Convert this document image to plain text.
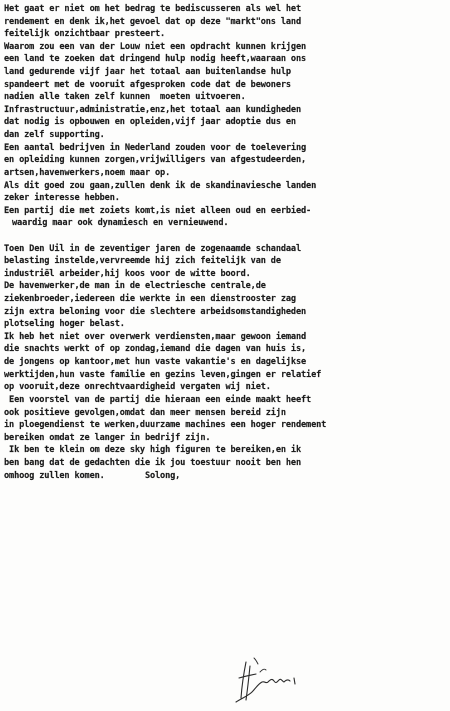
Het gaat er niet om het bedrag te bediscusseren als wel het
rendement en denk ik,het gevoel dat op deze "markt"ons land
feitelijk onzichtbaar presteert.
Waarom zou een van der Louw niet een opdracht kunnen krijgen
een land te zoeken dat dringend hulp nodig heeft,waaraan ons
land gedurende vijf jaar het totaal aan buitenlandse hulp
spandeert met de vooruit afgesproken code dat de bewoners
nadien alle taken zelf kunnen  moeten uitvoeren.
Infrastructuur,administratie,enz,het totaal aan kundigheden
dat nodig is opbouwen en opleiden,vijf jaar adoptie dus en
dan zelf supporting.
Een aantal bedrijven in Nederland zouden voor de toelevering
en opleiding kunnen zorgen,vrijwilligers van afgestudeerden,
artsen,havenwerkers,noem maar op.
Als dit goed zou gaan,zullen denk ik de skandinaviesche landen
zeker interesse hebben.
Een partij die met zoiets komt,is niet alleen oud en eerbied-
waardig maar ook dynamiesch en vernieuwend.
Toen Den Uil in de zeventiger jaren de zogenaamde schandaal
belasting instelde,vervreemde hij zich feitelijk van de
industriël arbeider,hij koos voor de witte boord.
De havenwerker,de man in de electriesche centrale,de
ziekenbroeder,iedereen die werkte in een dienstrooster zag
zijn extra beloning voor die slechtere arbeidsomstandigheden
plotseling hoger belast.
Ik heb het niet over overwerk verdiensten,maar gewoon iemand
die snachts werkt of op zondag,iemand die dagen van huis is,
de jongens op kantoor,met hun vaste vakantie's en dagelijkse
werktijden,hun vaste familie en gezins leven,gingen er relatief
op vooruit,deze onrechtvaardigheid vergaten wij niet.
Een voorstel van de partij die hieraan een einde maakt heeft
ook positieve gevolgen,omdat dan meer mensen bereid zijn
in ploegendienst te werken,duurzame machines een hoger rendement
bereiken omdat ze langer in bedrijf zijn.
Ik ben te klein om deze sky high figuren te bereiken,en ik
ben bang dat de gedachten die ik jou toestuur nooit ben hen
omhoog zullen komen.        Solong,
